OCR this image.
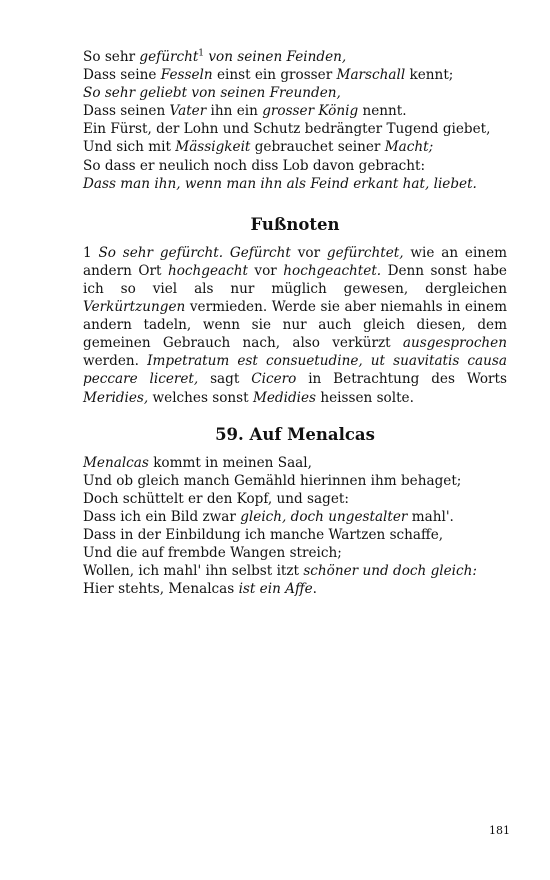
So sehr gefürcht$^1$ von seinen Feinden,
Dass seine Fesseln einst ein grosser Marschall kennt;
So sehr geliebt von seinen Freunden,
Dass seinen Vater ihn ein grosser König nennt.
Ein Fürst, der Lohn und Schutz bedrängter Tugend giebet,
Und sich mit Mässigkeit gebrauchet seiner Macht;
So dass er neulich noch diss Lob davon gebracht:
Dass man ihn, wenn man ihn als Feind erkant hat, liebet.
Fußnoten
1 So sehr gefürcht. Gefürcht vor gefürchtet, wie an einem andern Ort hochgeacht vor hochgeachtet. Denn sonst habe ich so viel als nur müglich gewesen, dergleichen Verkürtzungen vermieden. Werde sie aber niemahls in einem andern tadeln, wenn sie nur auch gleich diesen, dem gemeinen Gebrauch nach, also verkürzt ausgesprochen werden. Impetratum est consuetudine, ut suavitatis causa peccare liceret, sagt Cicero in Betrachtung des Worts Meridies, welches sonst Medidies heissen solte.
59. Auf Menalcas
Menalcas kommt in meinen Saal,
Und ob gleich manch Gemähld hierinnen ihm behaget;
Doch schüttelt er den Kopf, und saget:
Dass ich ein Bild zwar gleich, doch ungestalter mahl'.
Dass in der Einbildung ich manche Wartzen schaffe,
Und die auf frembde Wangen streich;
Wollen, ich mahl' ihn selbst itzt schöner und doch gleich:
Hier stehts, Menalcas ist ein Affe.
181
